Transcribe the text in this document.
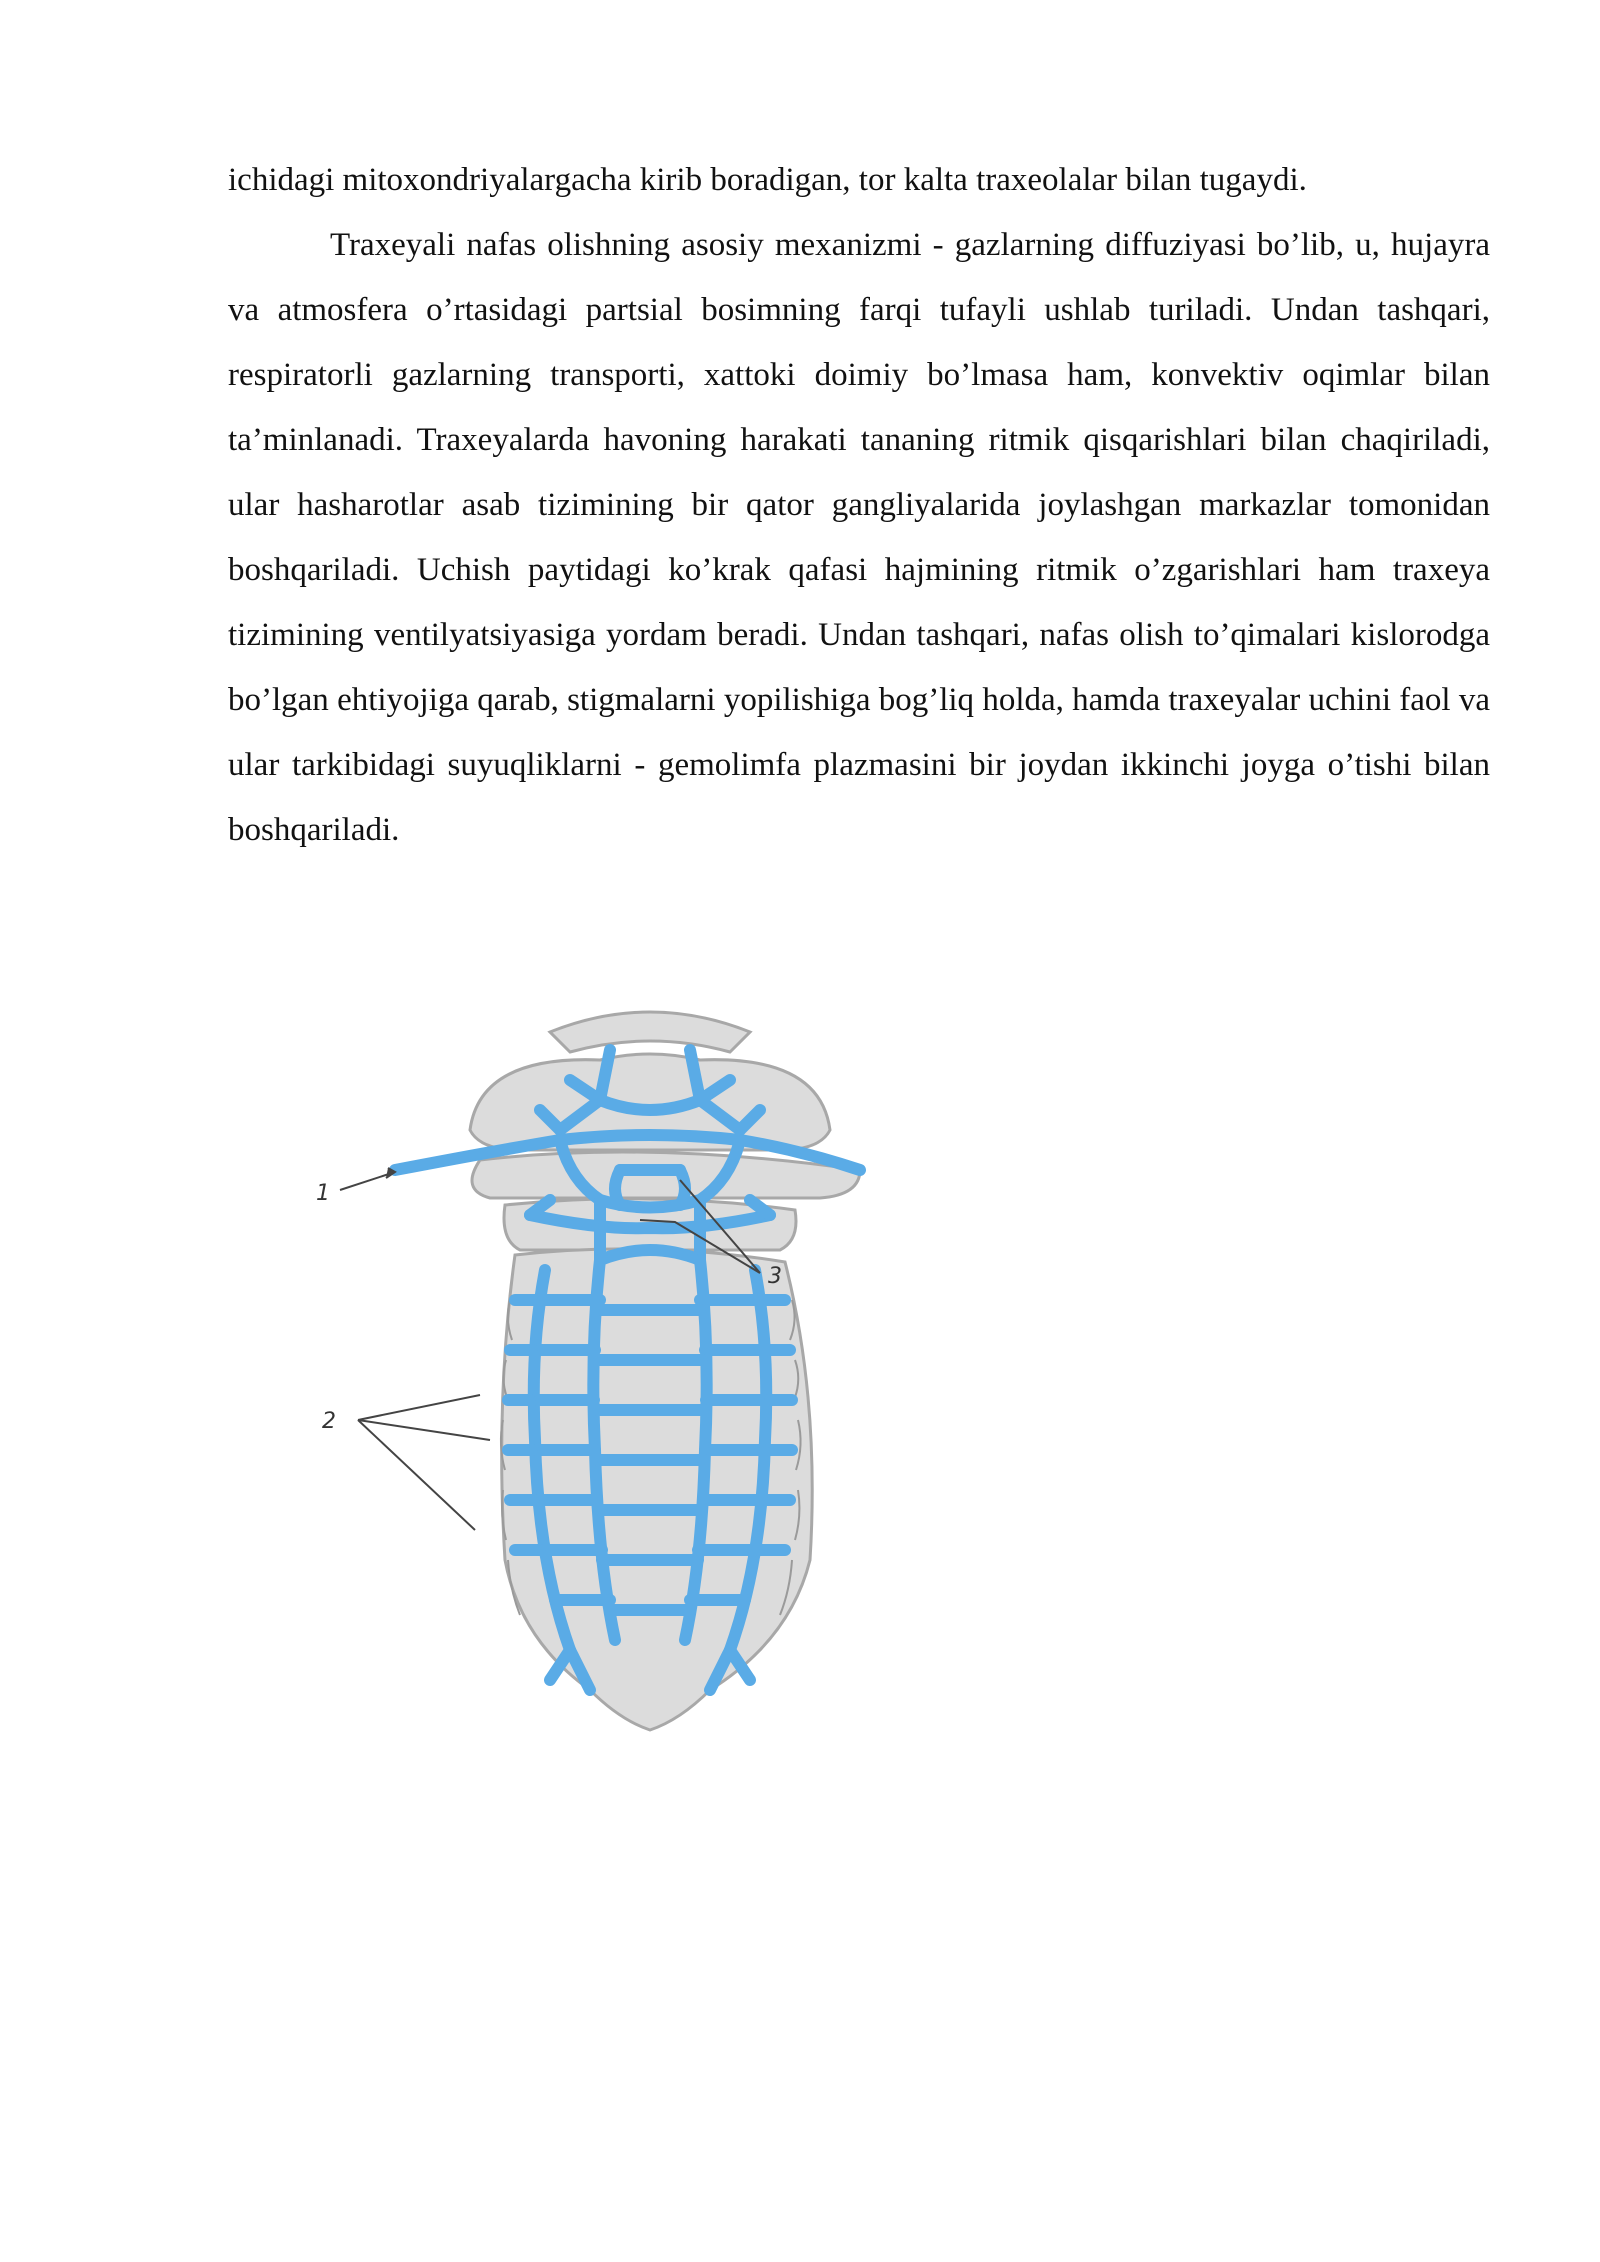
ichidagi mitoxondriyalargacha kirib boradigan, tor kalta traxeolalar bilan tugaydi.

Traxeyali nafas olishning asosiy mexanizmi - gazlarning diffuziyasi bo’lib, u, hujayra va atmosfera o’rtasidagi partsial bosimning farqi tufayli ushlab turiladi. Undan tashqari, respiratorli gazlarning transporti, xattoki doimiy bo’lmasa ham, konvektiv oqimlar bilan ta’minlanadi. Traxeyalarda havoning harakati tananing ritmik qisqarishlari bilan chaqiriladi, ular hasharotlar asab tizimining bir qator gangliyalarida joylashgan markazlar tomonidan boshqariladi. Uchish paytidagi ko’krak qafasi hajmining ritmik o’zgarishlari ham traxeya tizimining ventilyatsiyasiga yordam beradi. Undan tashqari, nafas olish to’qimalari kislorodga bo’lgan ehtiyojiga qarab, stigmalarni yopilishiga bog’liq holda, hamda traxeyalar uchini faol va ular tarkibidagi suyuqliklarni - gemolimfa plazmasini bir joydan ikkinchi joyga o’tishi bilan boshqariladi.

1
3
2
